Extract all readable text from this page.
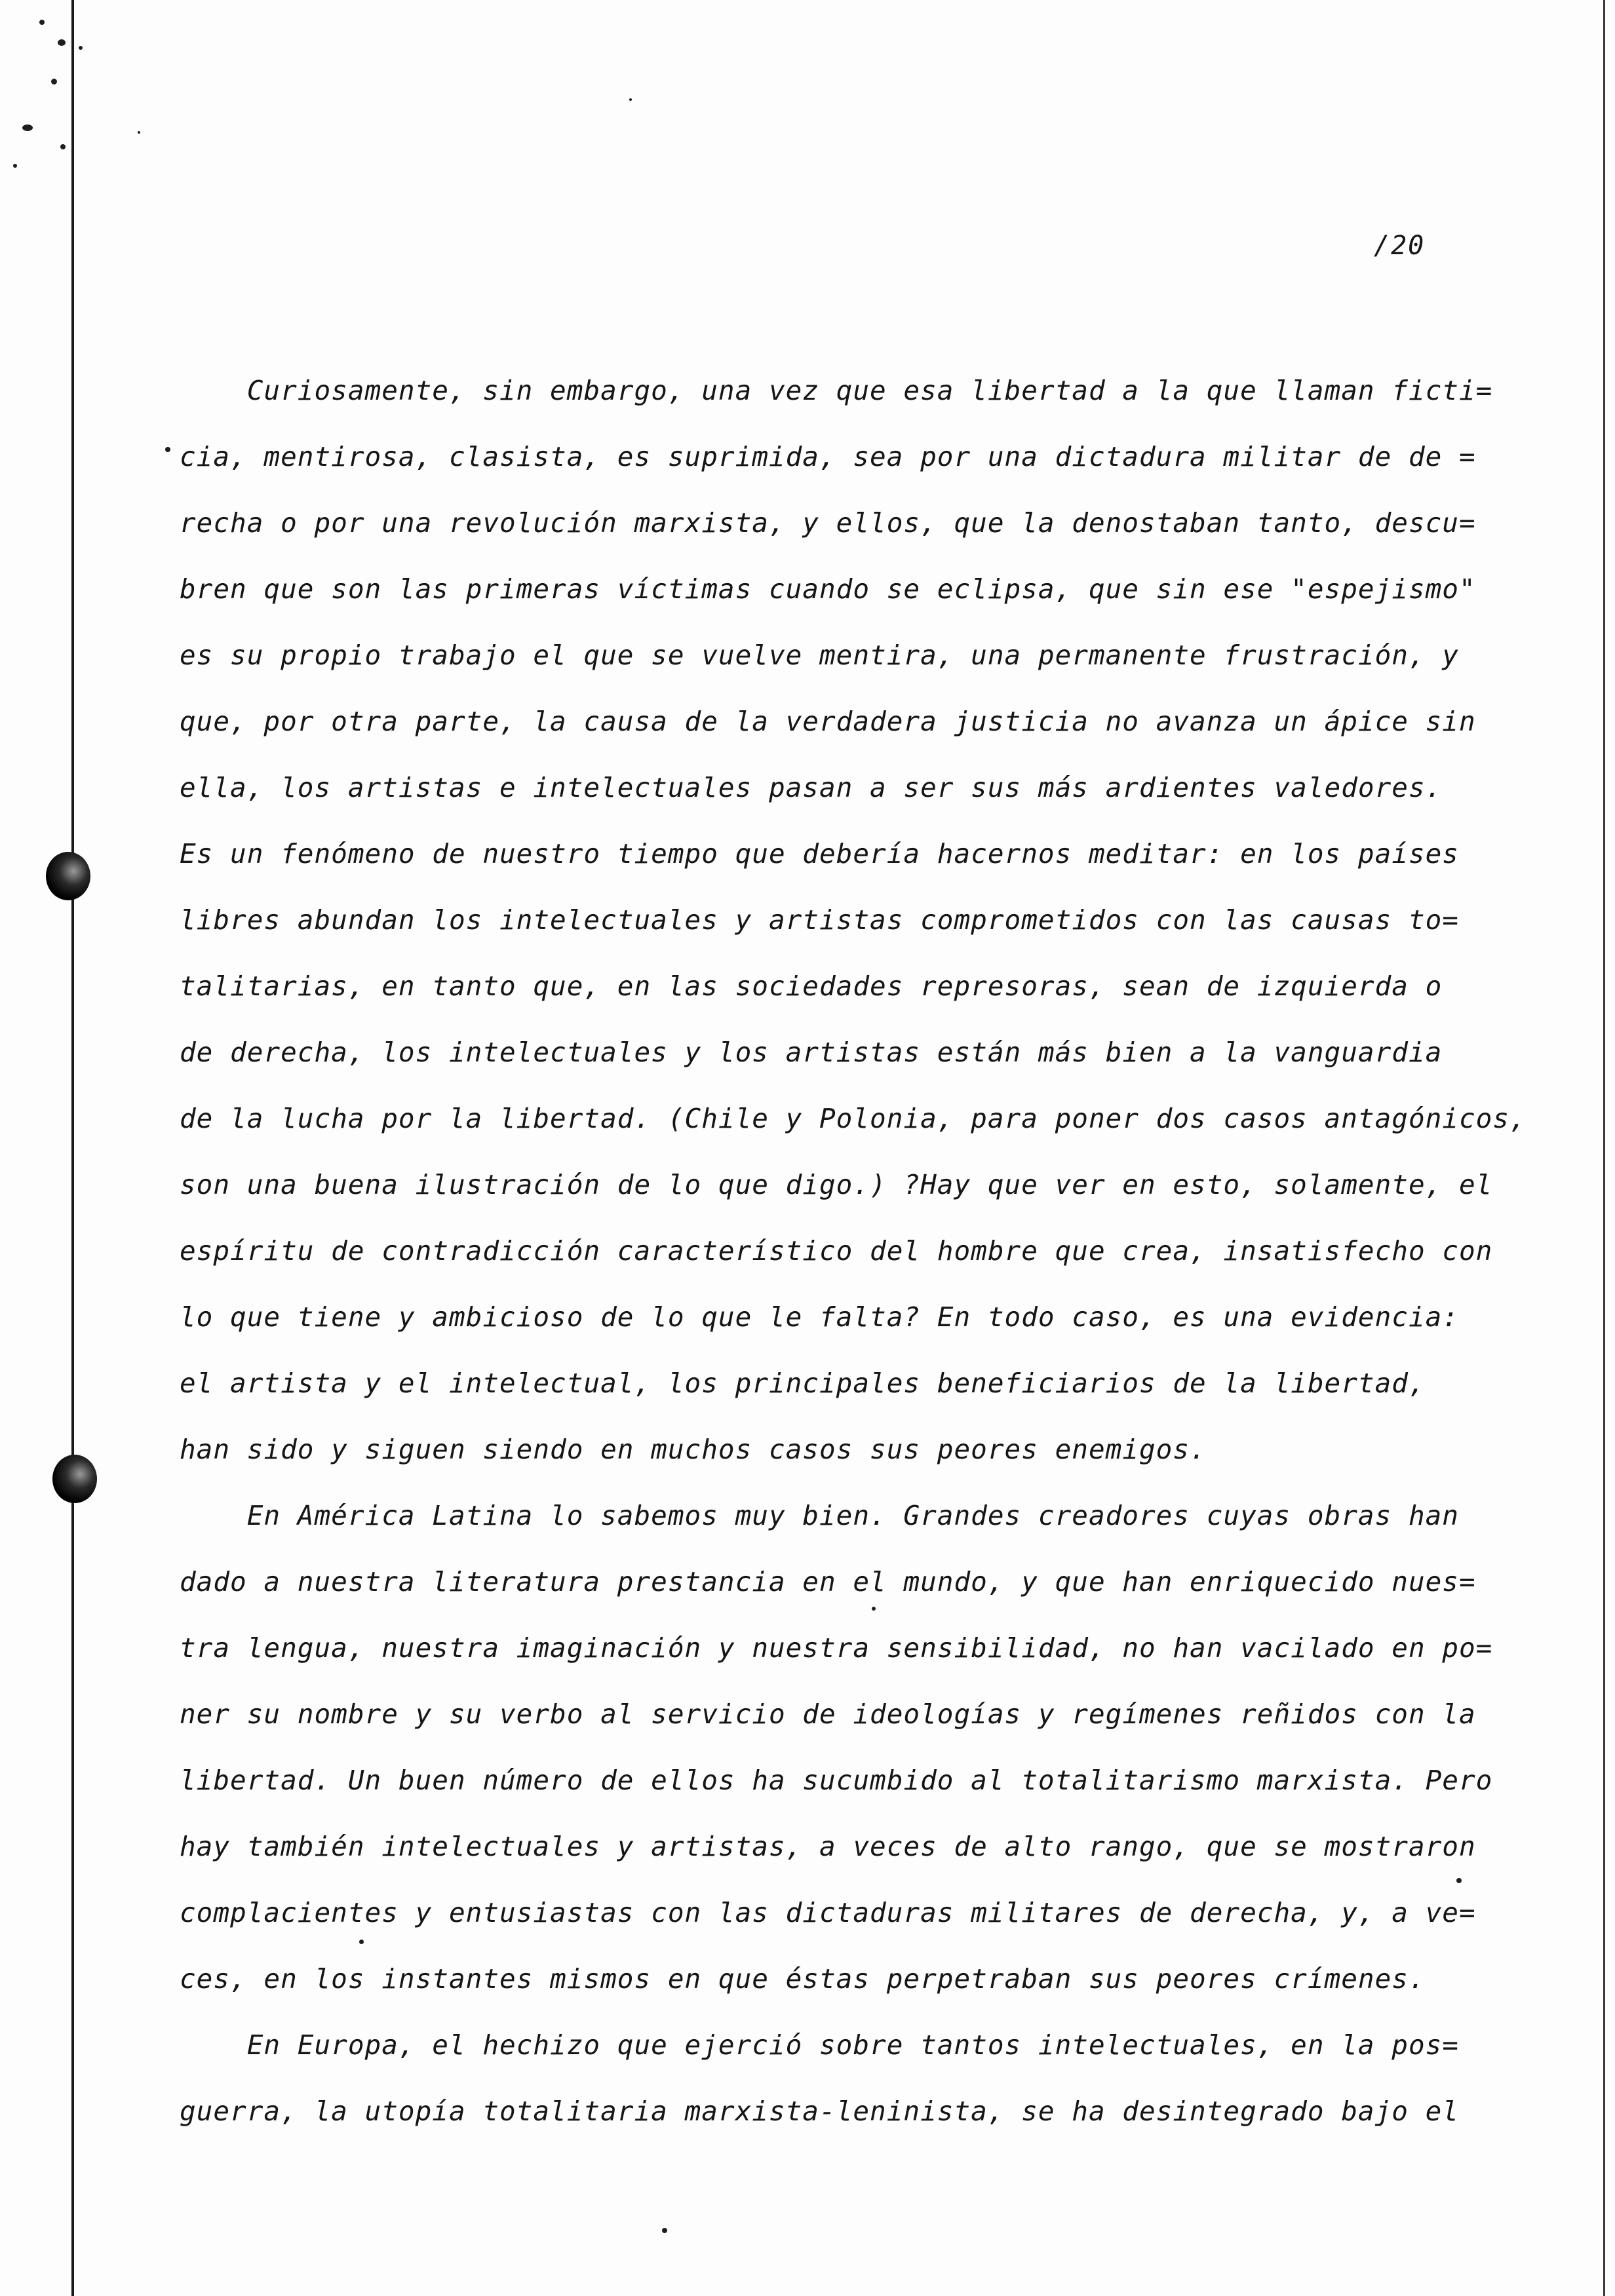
/20
Curiosamente, sin embargo, una vez que esa libertad a la que llaman ficti=
cia, mentirosa, clasista, es suprimida, sea por una dictadura militar de de =
recha o por una revolución marxista, y ellos, que la denostaban tanto, descu=
bren que son las primeras víctimas cuando se eclipsa, que sin ese "espejismo"
es su propio trabajo el que se vuelve mentira, una permanente frustración, y
que, por otra parte, la causa de la verdadera justicia no avanza un ápice sin
ella, los artistas e intelectuales pasan a ser sus más ardientes valedores.
Es un fenómeno de nuestro tiempo que debería hacernos meditar: en los países
libres abundan los intelectuales y artistas comprometidos con las causas to=
talitarias, en tanto que, en las sociedades represoras, sean de izquierda o
de derecha, los intelectuales y los artistas están más bien a la vanguardia
de la lucha por la libertad. (Chile y Polonia, para poner dos casos antagónicos,
son una buena ilustración de lo que digo.) ?Hay que ver en esto, solamente, el
espíritu de contradicción característico del hombre que crea, insatisfecho con
lo que tiene y ambicioso de lo que le falta? En todo caso, es una evidencia:
el artista y el intelectual, los principales beneficiarios de la libertad,
han sido y siguen siendo en muchos casos sus peores enemigos.
En América Latina lo sabemos muy bien. Grandes creadores cuyas obras han
dado a nuestra literatura prestancia en el mundo, y que han enriquecido nues=
tra lengua, nuestra imaginación y nuestra sensibilidad, no han vacilado en po=
ner su nombre y su verbo al servicio de ideologías y regímenes reñidos con la
libertad. Un buen número de ellos ha sucumbido al totalitarismo marxista. Pero
hay también intelectuales y artistas, a veces de alto rango, que se mostraron
complacientes y entusiastas con las dictaduras militares de derecha, y, a ve=
ces, en los instantes mismos en que éstas perpetraban sus peores crímenes.
En Europa, el hechizo que ejerció sobre tantos intelectuales, en la pos=
guerra, la utopía totalitaria marxista-leninista, se ha desintegrado bajo el
